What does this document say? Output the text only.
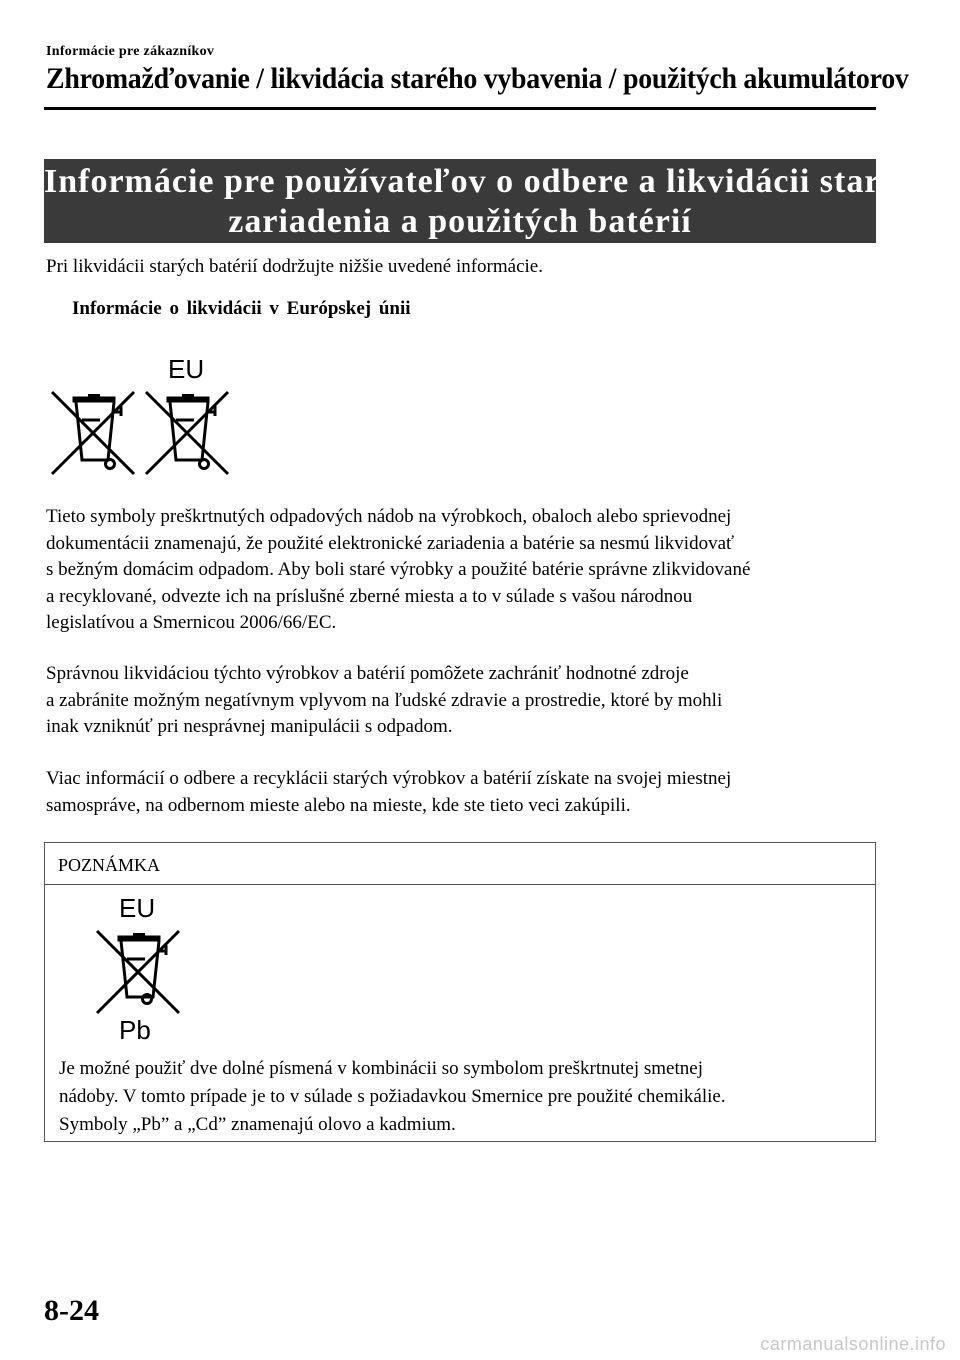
Informácie pre zákazníkov
Zhromažďovanie / likvidácia starého vybavenia / použitých akumulátorov
Informácie pre používateľov o odbere a likvidácii starého
zariadenia a použitých batérií
Pri likvidácii starých batérií dodržujte nižšie uvedené informácie.
Informácie o likvidácii v Európskej únii
EU
Tieto symboly preškrtnutých odpadových nádob na výrobkoch, obaloch alebo sprievodnej
dokumentácii znamenajú, že použité elektronické zariadenia a batérie sa nesmú likvidovať
s bežným domácim odpadom. Aby boli staré výrobky a použité batérie správne zlikvidované
a recyklované, odvezte ich na príslušné zberné miesta a to v súlade s vašou národnou
legislatívou a Smernicou 2006/66/EC.
Správnou likvidáciou týchto výrobkov a batérií pomôžete zachrániť hodnotné zdroje
a zabránite možným negatívnym vplyvom na ľudské zdravie a prostredie, ktoré by mohli
inak vzniknúť pri nesprávnej manipulácii s odpadom.
Viac informácií o odbere a recyklácii starých výrobkov a batérií získate na svojej miestnej
samospráve, na odbernom mieste alebo na mieste, kde ste tieto veci zakúpili.
POZNÁMKA
EU
Pb
Je možné použiť dve dolné písmená v kombinácii so symbolom preškrtnutej smetnej
nádoby. V tomto prípade je to v súlade s požiadavkou Smernice pre použité chemikálie.
Symboly „Pb” a „Cd” znamenajú olovo a kadmium.
8-24
carmanualsonline.info
